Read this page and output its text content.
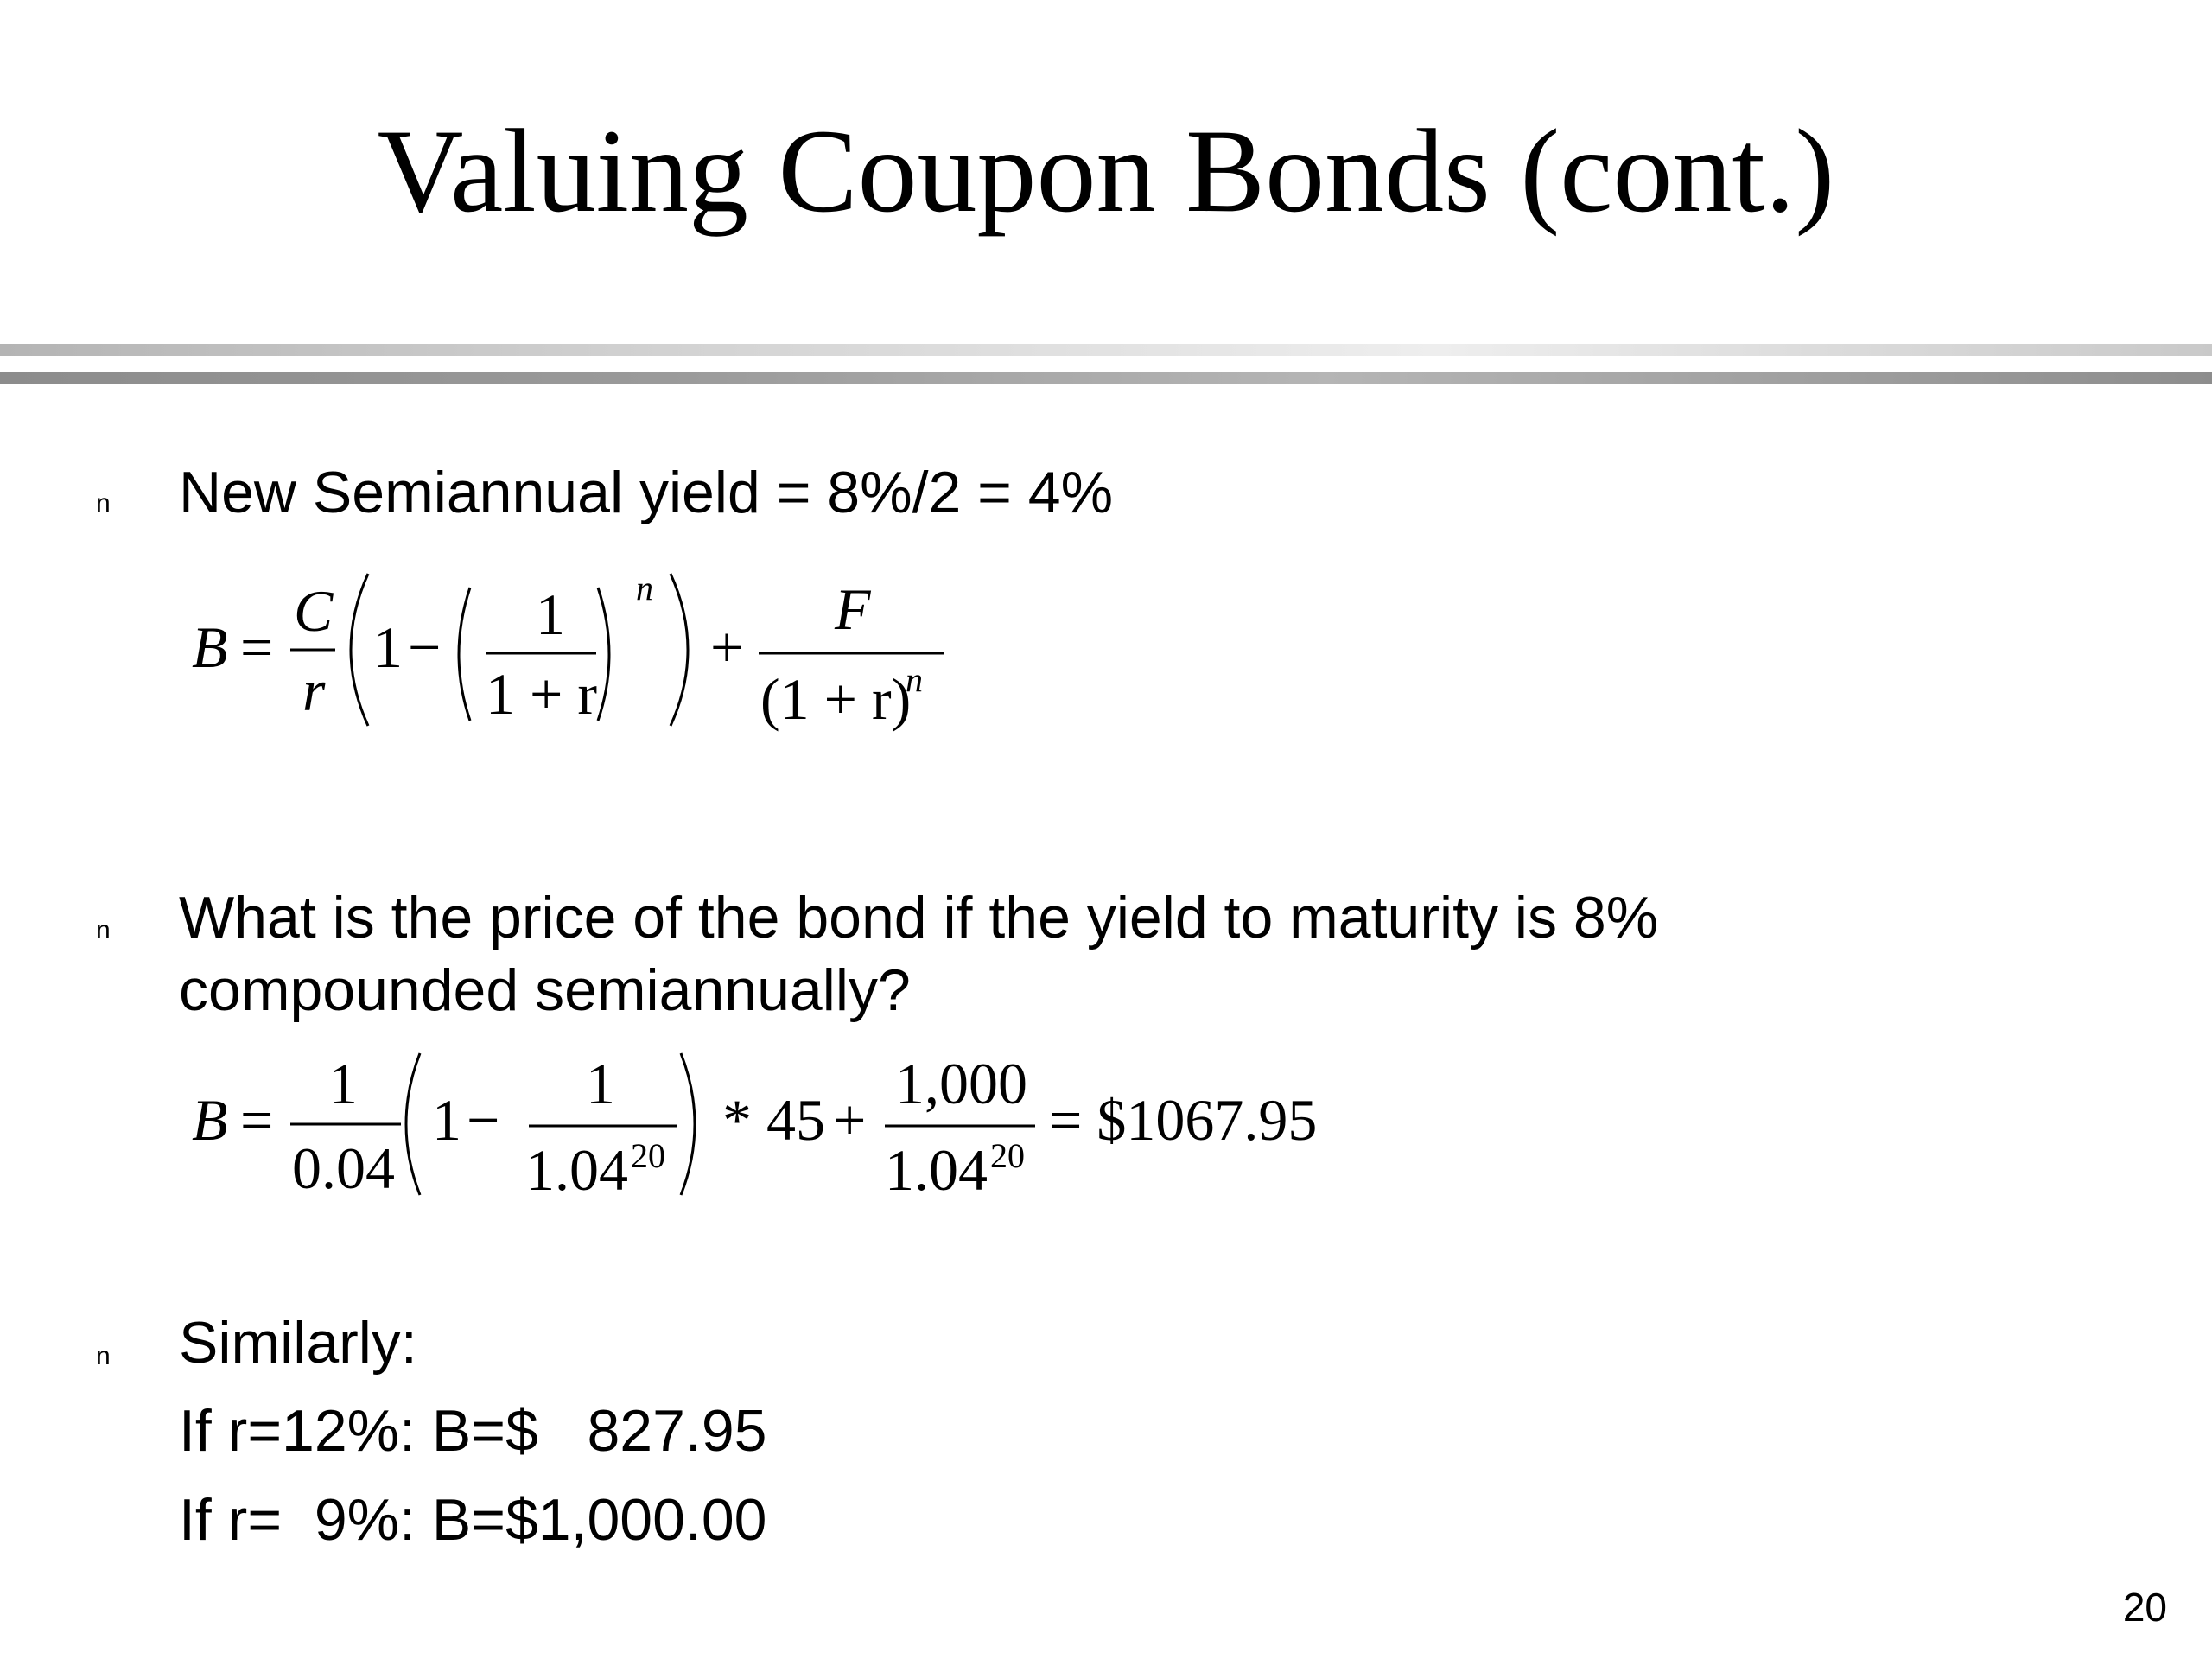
Valuing Coupon Bonds (cont.)
n New Semiannual yield = 8%/2 = 4%
B =
C
r
1 − 1
1 + r
n
+
F
(1 + r)
n
n What is the price of the bond if the yield to maturity is 8%
compounded semiannually?
B =
1
0.04
1 −
1
1.04 20
* 45 +
1,000
1.04 20
= $1067.95
n Similarly:
If r=12%: B=$   827.95
If r=  9%: B=$1,000.00
20
